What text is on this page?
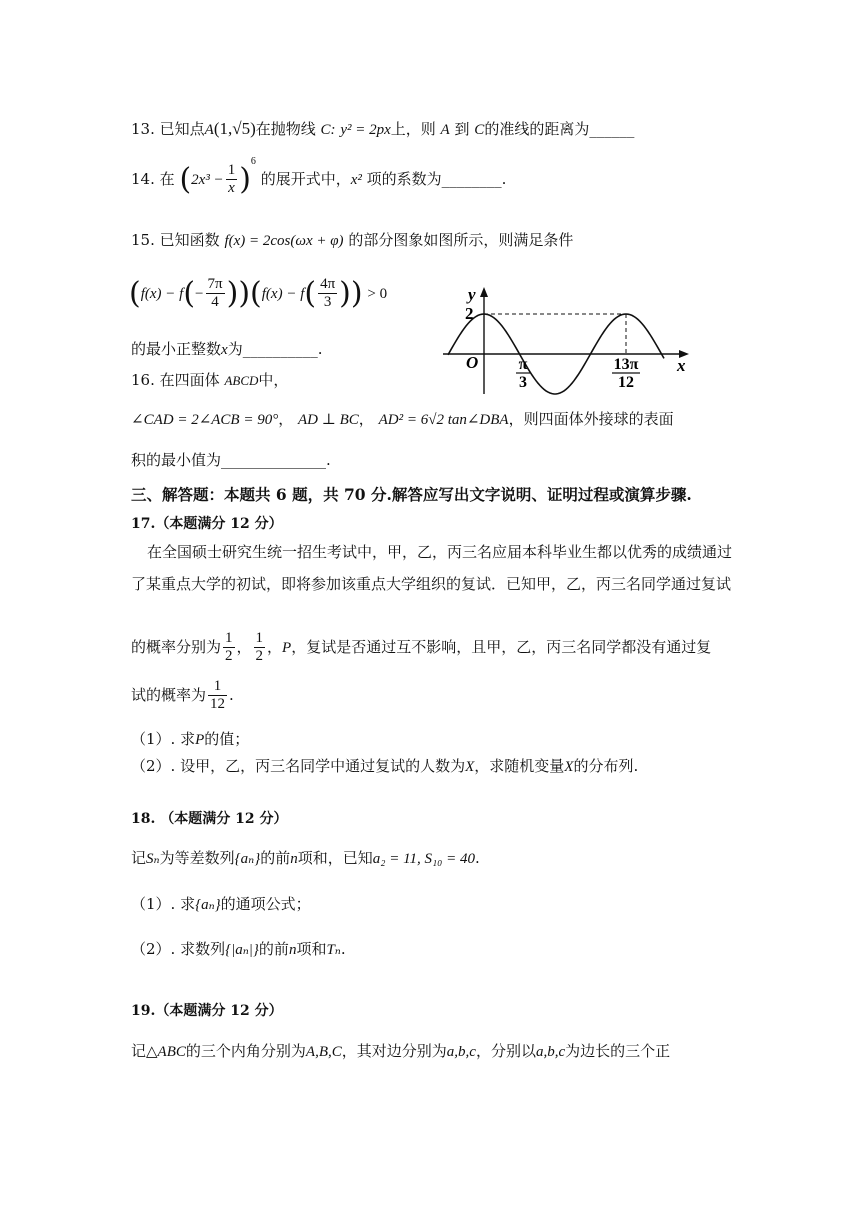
13. 已知点A(1,√5)在抛物线 C: y² = 2px上，则 A 到 C的准线的距离为______
14. 在 $(2x^3 - \frac{1}{x} )^6$ 的展开式中，x² 项的系数为________.
15. 已知函数 f(x) = 2cos(ωx + φ) 的部分图象如图所示，则满足条件
$(f(x) - f(- \frac{7\pi}{4} ))(f(x) - f( \frac{4\pi}{3}$ )) > 0
的最小正整数x为__________.
y
2
O	x
π
3
13π
12
16. 在四面体 ABCD中，
∠CAD = 2∠ACB = 90°， AD ⊥ BC， AD² = 6√2 tan∠DBA，则四面体外接球的表面
积的最小值为______________.
三、解答题：本题共 6 题，共 70 分.解答应写出文字说明、证明过程或演算步骤.
17.（本题满分 12 分）
在全国硕士研究生统一招生考试中，甲，乙，丙三名应届本科毕业生都以优秀的成绩通过
了某重点大学的初试，即将参加该重点大学组织的复试．已知甲，乙，丙三名同学通过复试
的概率分别为 $\frac{1}{2}$ ， $\frac{1}{2}$ ，P，复试是否通过互不影响，且甲，乙，丙三名同学都没有通过复
试的概率为 $\frac{1}{12}$ .
（1）. 求P的值；
（2）. 设甲，乙，丙三名同学中通过复试的人数为X，求随机变量X的分布列.
18. （本题满分 12 分）
记Sₙ为等差数列{aₙ}的前n项和，已知a₂ = 11, S₁₀ = 40.
（1）. 求{aₙ}的通项公式；
（2）. 求数列{|aₙ|}的前n项和Tₙ.
19.（本题满分 12 分）
记△ABC的三个内角分别为A,B,C，其对边分别为a,b,c，分别以a,b,c为边长的三个正
